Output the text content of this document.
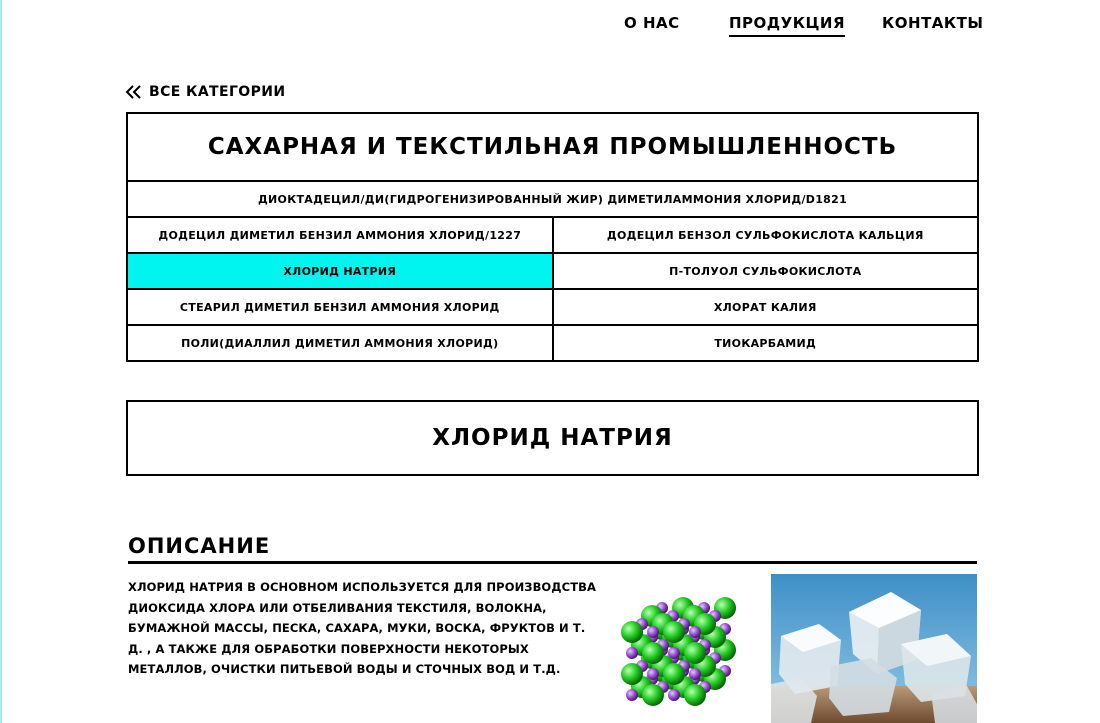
О НАС	ПРОДУКЦИЯ КОНТАКТЫ
ВСЕ КАТЕГОРИИ
САХАРНАЯ И ТЕКСТИЛЬНАЯ ПРОМЫШЛЕННОСТЬ	
ДИОКТАДЕЦИЛ/ДИ(ГИДРОГЕНИЗИРОВАННЫЙ ЖИР) ДИМЕТИЛАММОНИЯ ХЛОРИД/D1821	
ДОДЕЦИЛ ДИМЕТИЛ БЕНЗИЛ АММОНИЯ ХЛОРИД/1227	ДОДЕЦИЛ БЕНЗОЛ СУЛЬФОКИСЛОТА КАЛЬЦИЯ
ХЛОРИД НАТРИЯ	П-ТОЛУОЛ СУЛЬФОКИСЛОТА
СТЕАРИЛ ДИМЕТИЛ БЕНЗИЛ АММОНИЯ ХЛОРИД	ХЛОРАТ КАЛИЯ
ПОЛИ(ДИАЛЛИЛ ДИМЕТИЛ АММОНИЯ ХЛОРИД)	ТИОКАРБАМИД
ХЛОРИД НАТРИЯ
ОПИСАНИЕ
ХЛОРИД НАТРИЯ В ОСНОВНОМ ИСПОЛЬЗУЕТСЯ ДЛЯ ПРОИЗВОДСТВА ДИОКСИДА ХЛОРА ИЛИ ОТБЕЛИВАНИЯ ТЕКСТИЛЯ, ВОЛОКНА, БУМАЖНОЙ МАССЫ, ПЕСКА, САХАРА, МУКИ, ВОСКА, ФРУКТОВ И Т. Д. , А ТАКЖЕ ДЛЯ ОБРАБОТКИ ПОВЕРХНОСТИ НЕКОТОРЫХ МЕТАЛЛОВ, ОЧИСТКИ ПИТЬЕВОЙ ВОДЫ И СТОЧНЫХ ВОД И Т.Д.
